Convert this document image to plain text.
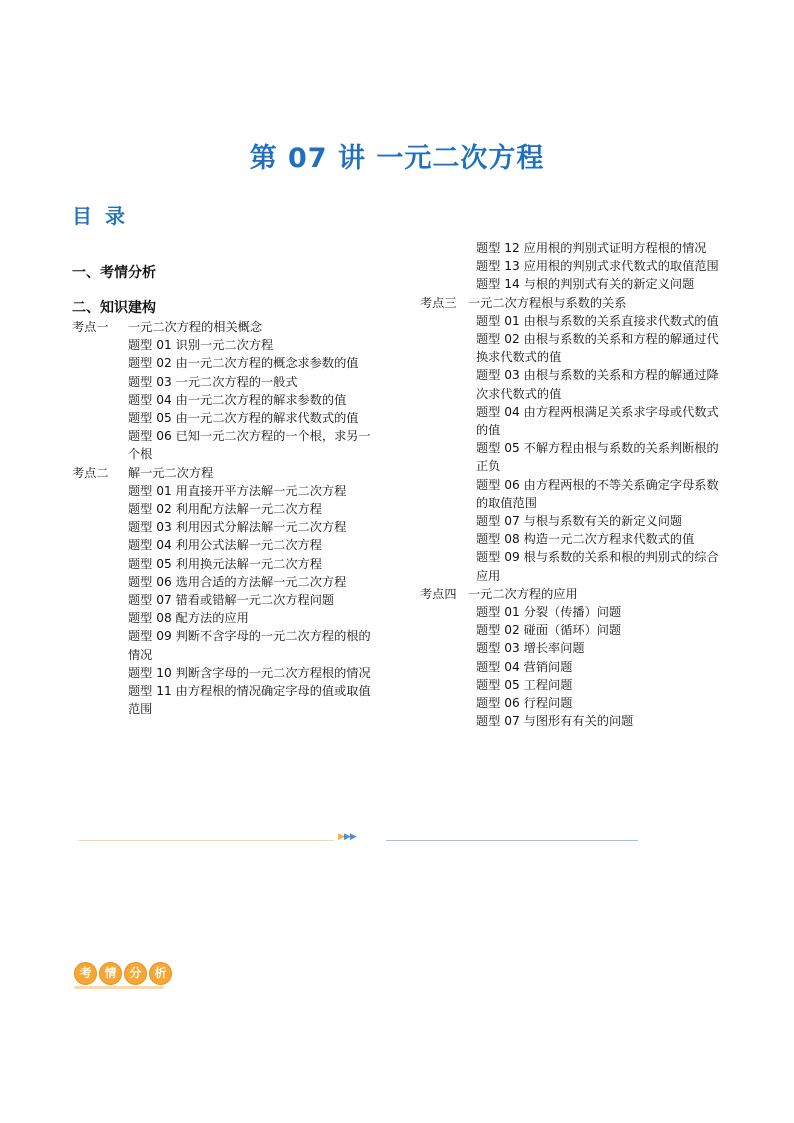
第 07 讲 一元二次方程
目 录
一、考情分析
二、知识建构
考点一	一元二次方程的相关概念
题型 01 识别一元二次方程
题型 02 由一元二次方程的概念求参数的值
题型 03 一元二次方程的一般式
题型 04 由一元二次方程的解求参数的值
题型 05 由一元二次方程的解求代数式的值
题型 06 已知一元二次方程的一个根，求另一个根
考点二	解一元二次方程
题型 01 用直接开平方法解一元二次方程
题型 02 利用配方法解一元二次方程
题型 03 利用因式分解法解一元二次方程
题型 04 利用公式法解一元二次方程
题型 05 利用换元法解一元二次方程
题型 06 选用合适的方法解一元二次方程
题型 07 错看或错解一元二次方程问题
题型 08 配方法的应用
题型 09 判断不含字母的一元二次方程的根的情况
题型 10 判断含字母的一元二次方程根的情况
题型 11 由方程根的情况确定字母的值或取值范围
题型 12 应用根的判别式证明方程根的情况
题型 13 应用根的判别式求代数式的取值范围
题型 14 与根的判别式有关的新定义问题
考点三 一元二次方程根与系数的关系
题型 01 由根与系数的关系直接求代数式的值
题型 02 由根与系数的关系和方程的解通过代换求代数式的值
题型 03 由根与系数的关系和方程的解通过降次求代数式的值
题型 04 由方程两根满足关系求字母或代数式的值
题型 05 不解方程由根与系数的关系判断根的正负
题型 06 由方程两根的不等关系确定字母系数的取值范围
题型 07 与根与系数有关的新定义问题
题型 08 构造一元二次方程求代数式的值
题型 09 根与系数的关系和根的判别式的综合应用
考点四 一元二次方程的应用
题型 01 分裂（传播）问题
题型 02 碰面（循环）问题
题型 03 增长率问题
题型 04 营销问题
题型 05 工程问题
题型 06 行程问题
题型 07 与图形有有关的问题
▶▶▶
考	情	分	析
